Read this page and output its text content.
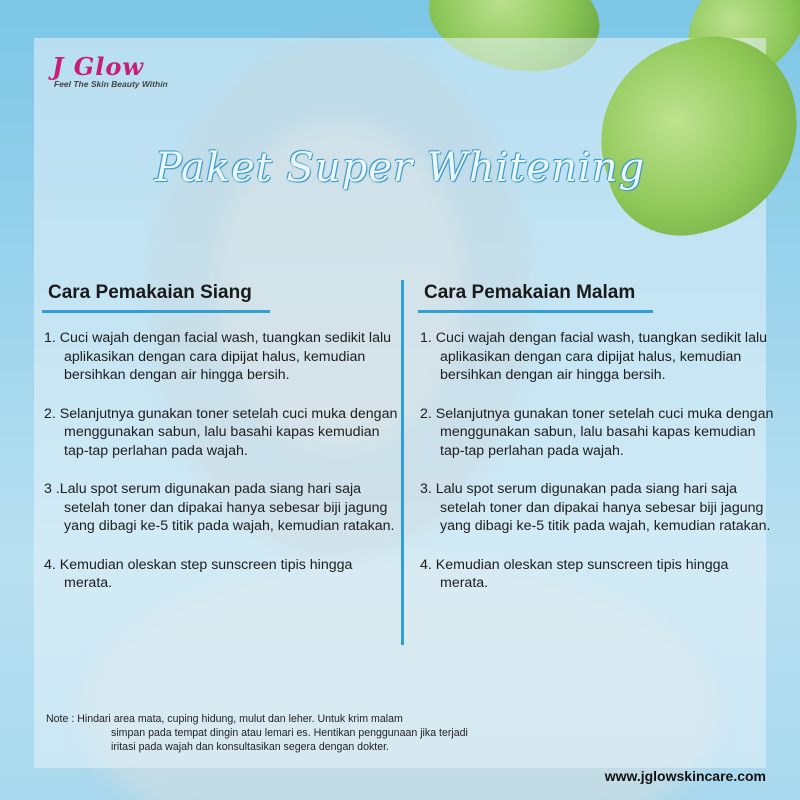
J Glow
Feel The Skin Beauty Within
Paket Super Whitening
Cara Pemakaian Siang

1. Cuci wajah dengan facial wash, tuangkan sedikit lalu aplikasikan dengan cara dipijat halus, kemudian bersihkan dengan air hingga bersih.

2. Selanjutnya gunakan toner setelah cuci muka dengan menggunakan sabun, lalu basahi kapas kemudian tap-tap perlahan pada wajah.

3 .Lalu spot serum digunakan pada siang hari saja setelah toner dan dipakai hanya sebesar biji jagung yang dibagi ke-5 titik pada wajah, kemudian ratakan.

4. Kemudian oleskan step sunscreen tipis hingga merata.

Cara Pemakaian Malam

1. Cuci wajah dengan facial wash, tuangkan sedikit lalu aplikasikan dengan cara dipijat halus, kemudian bersihkan dengan air hingga bersih.

2. Selanjutnya gunakan toner setelah cuci muka dengan menggunakan sabun, lalu basahi kapas kemudian tap-tap perlahan pada wajah.

3. Lalu spot serum digunakan pada siang hari saja setelah toner dan dipakai hanya sebesar biji jagung yang dibagi ke-5 titik pada wajah, kemudian ratakan.

4. Kemudian oleskan step sunscreen tipis hingga merata.

Note : Hindari area mata, cuping hidung, mulut dan leher. Untuk krim malam
simpan pada tempat dingin atau lemari es. Hentikan penggunaan jika terjadi iritasi pada wajah dan konsultasikan segera dengan dokter.
www.jglowskincare.com
